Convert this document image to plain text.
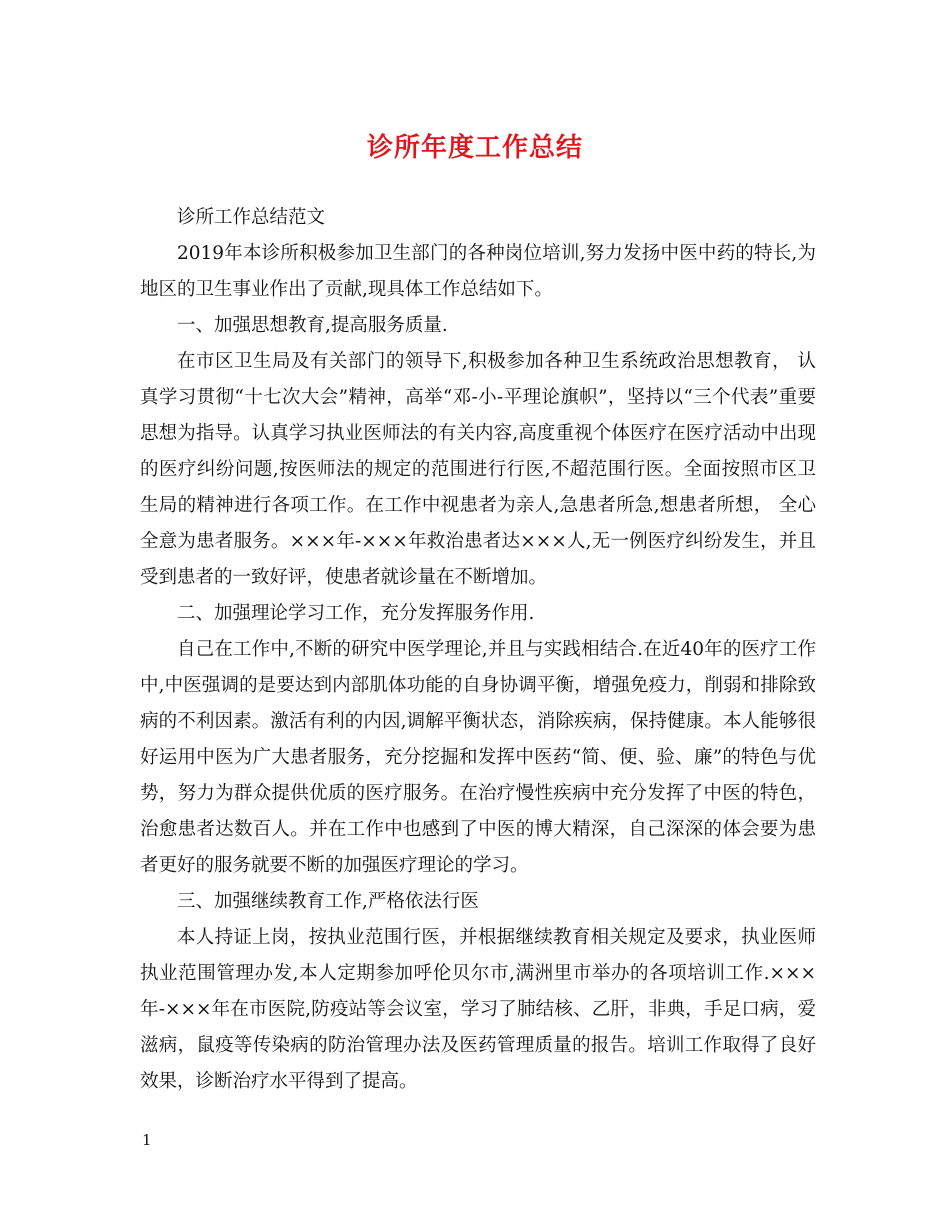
诊所年度工作总结

诊所工作总结范文

2019年本诊所积极参加卫生部门的各种岗位培训,努力发扬中医中药的特长,为地区的卫生事业作出了贡献,现具体工作总结如下。

一、加强思想教育,提高服务质量.

在市区卫生局及有关部门的领导下,积极参加各种卫生系统政治思想教育， 认真学习贯彻“十七次大会”精神，高举“邓-小-平理论旗帜”，坚持以“三个代表”重要思想为指导。认真学习执业医师法的有关内容,高度重视个体医疗在医疗活动中出现的医疗纠纷问题,按医师法的规定的范围进行行医,不超范围行医。全面按照市区卫生局的精神进行各项工作。在工作中视患者为亲人,急患者所急,想患者所想， 全心全意为患者服务。×××年-×××年救治患者达×××人,无一例医疗纠纷发生，并且受到患者的一致好评，使患者就诊量在不断增加。

二、加强理论学习工作，充分发挥服务作用.

自己在工作中,不断的研究中医学理论,并且与实践相结合.在近40年的医疗工作中,中医强调的是要达到内部肌体功能的自身协调平衡，增强免疫力，削弱和排除致病的不利因素。激活有利的内因,调解平衡状态，消除疾病，保持健康。本人能够很好运用中医为广大患者服务，充分挖掘和发挥中医药“简、便、验、廉”的特色与优势，努力为群众提供优质的医疗服务。在治疗慢性疾病中充分发挥了中医的特色，治愈患者达数百人。并在工作中也感到了中医的博大精深，自己深深的体会要为患者更好的服务就要不断的加强医疗理论的学习。

三、加强继续教育工作,严格依法行医

本人持证上岗，按执业范围行医，并根据继续教育相关规定及要求，执业医师执业范围管理办发,本人定期参加呼伦贝尔市,满洲里市举办的各项培训工作.×××年-×××年在市医院,防疫站等会议室，学习了肺结核、乙肝，非典，手足口病，爱滋病，鼠疫等传染病的防治管理办法及医药管理质量的报告。培训工作取得了良好效果，诊断治疗水平得到了提高。

1
